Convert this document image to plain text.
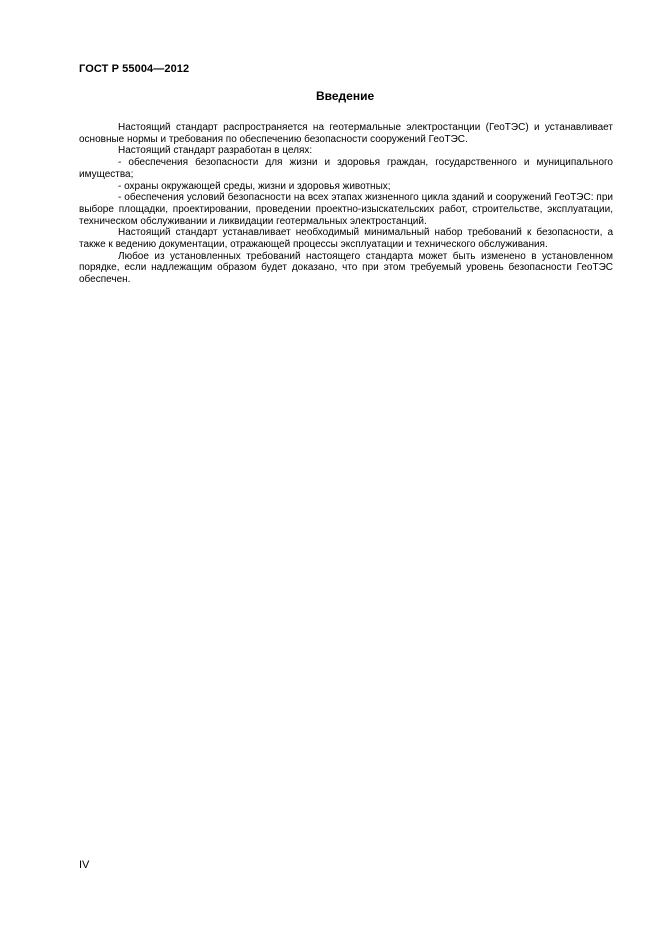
ГОСТ Р 55004—2012
Введение

Настоящий стандарт распространяется на геотермальные электростанции (ГеоТЭС) и устанавливает основные нормы и требования по обеспечению безопасности сооружений ГеоТЭС.

Настоящий стандарт разработан в целях:

- обеспечения безопасности для жизни и здоровья граждан, государственного и муниципального имущества;

- охраны окружающей среды, жизни и здоровья животных;

- обеспечения условий безопасности на всех этапах жизненного цикла зданий и сооружений ГеоТЭС: при выборе площадки, проектировании, проведении проектно-изыскательских работ, строительстве, эксплуатации, техническом обслуживании и ликвидации геотермальных электростанций.

Настоящий стандарт устанавливает необходимый минимальный набор требований к безопасности, а также к ведению документации, отражающей процессы эксплуатации и технического обслуживания.

Любое из установленных требований настоящего стандарта может быть изменено в установленном порядке, если надлежащим образом будет доказано, что при этом требуемый уровень безопасности ГеоТЭС обеспечен.

IV
